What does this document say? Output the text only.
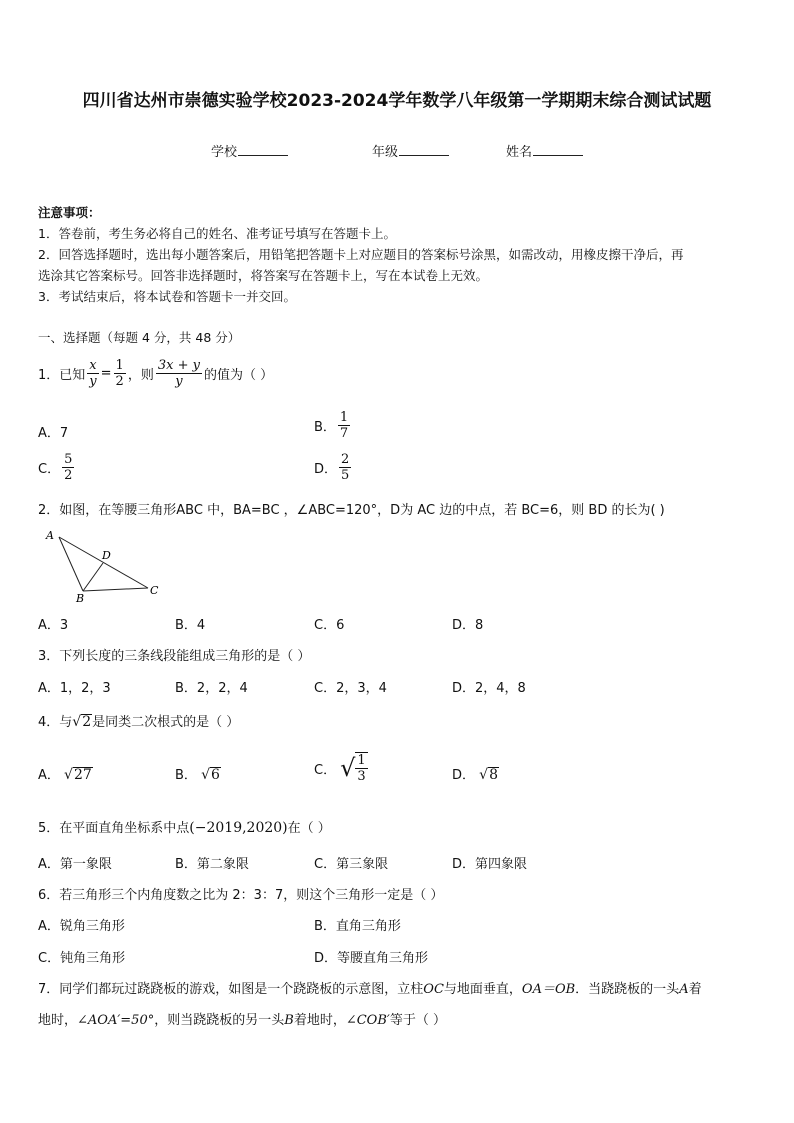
四川省达州市崇德实验学校2023-2024学年数学八年级第一学期期末综合测试试题
学校	年级	姓名
注意事项：
1．答卷前，考生务必将自己的姓名、准考证号填写在答题卡上。
2．回答选择题时，选出每小题答案后，用铅笔把答题卡上对应题目的答案标号涂黑，如需改动，用橡皮擦干净后，再
选涂其它答案标号。回答非选择题时，将答案写在答题卡上，写在本试卷上无效。
3．考试结束后，将本试卷和答题卡一并交回。
一、选择题（每题 4 分，共 48 分）
1．已知 $\frac{x}{y} = \frac{1}{2}$ ，则 $\frac{3x + y}{y}$ 的值为（ ）
A．7	B． $\frac{1}{7}$
C． $\frac{5}{2}$	D． $\frac{2}{5}$
2．如图，在等腰三角形ABC 中，BA=BC ，∠ABC=120°，D为 AC 边的中点，若 BC=6，则 BD 的长为( )
A
D
B
C
A．3	B．4	C．6	D．8
3．下列长度的三条线段能组成三角形的是（ ）
A．1，2，3	B．2，2，4	C．2，3，4	D．2，4，8
4．与√2是同类二次根式的是（ ）
A． √27	B． √6	C． √ $\frac{1}{3}$	D． √8
5．在平面直角坐标系中点(−2019,2020)在（ ）
A．第一象限	B．第二象限	C．第三象限	D．第四象限
6．若三角形三个内角度数之比为 2：3：7，则这个三角形一定是（ ）
A．锐角三角形	B．直角三角形
C．钝角三角形	D．等腰直角三角形
7．同学们都玩过跷跷板的游戏，如图是一个跷跷板的示意图，立柱OC与地面垂直，OA＝OB．当跷跷板的一头A着
地时，∠AOA′=50°，则当跷跷板的另一头B着地时，∠COB′等于（ ）
